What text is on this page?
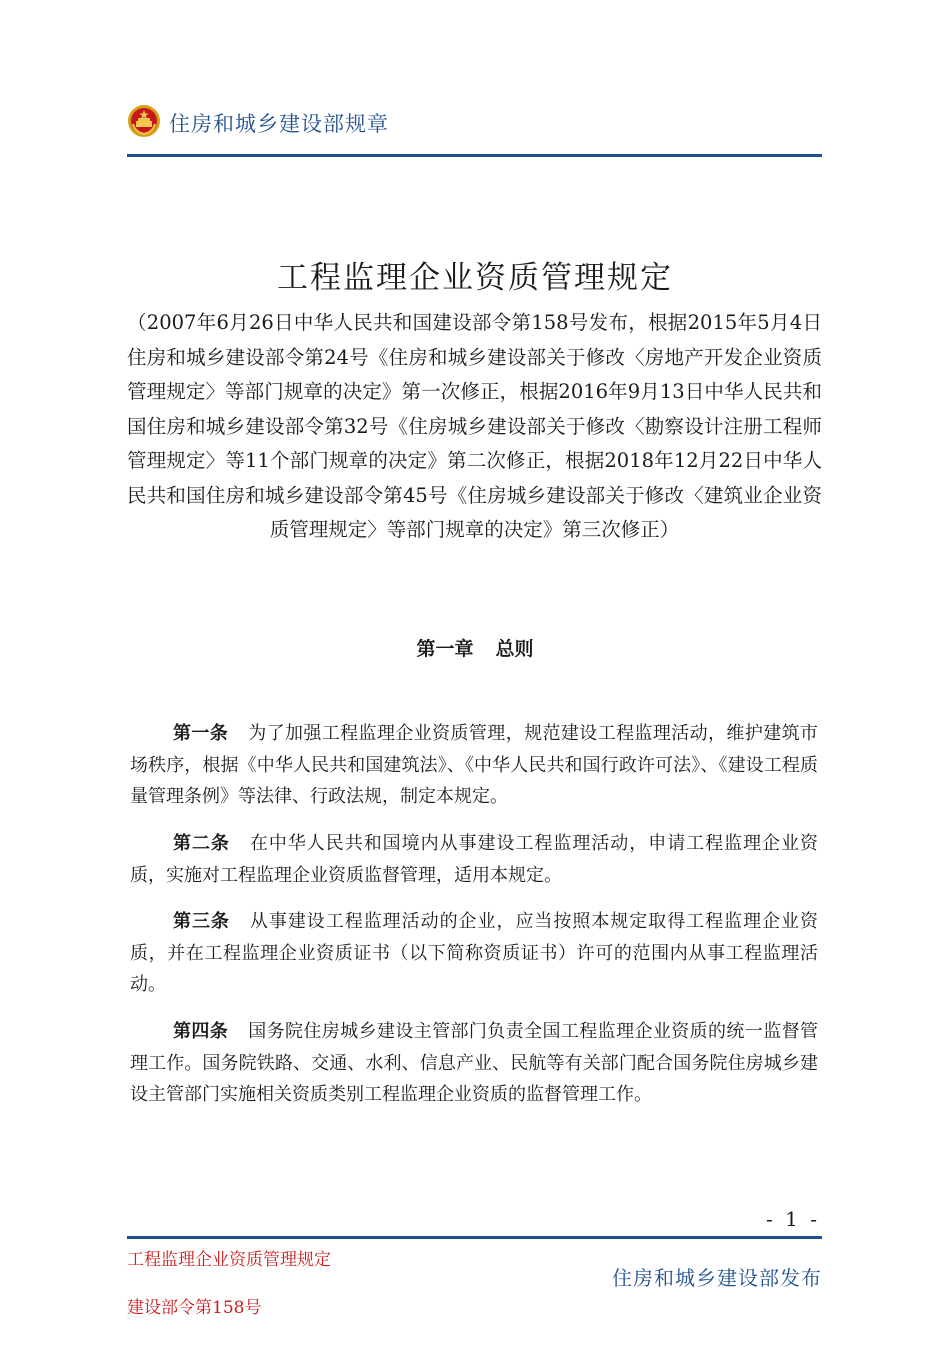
住房和城乡建设部规章
工程监理企业资质管理规定
（2007年6月26日中华人民共和国建设部令第158号发布，根据2015年5月4日住房和城乡建设部令第24号《住房和城乡建设部关于修改〈房地产开发企业资质管理规定〉等部门规章的决定》第一次修正，根据2016年9月13日中华人民共和国住房和城乡建设部令第32号《住房城乡建设部关于修改〈勘察设计注册工程师管理规定〉等11个部门规章的决定》第二次修正，根据2018年12月22日中华人民共和国住房和城乡建设部令第45号《住房城乡建设部关于修改〈建筑业企业资质管理规定〉等部门规章的决定》第三次修正）
第一章 总则
第一条 为了加强工程监理企业资质管理，规范建设工程监理活动，维护建筑市场秩序，根据《中华人民共和国建筑法》、《中华人民共和国行政许可法》、《建设工程质量管理条例》等法律、行政法规，制定本规定。
第二条 在中华人民共和国境内从事建设工程监理活动，申请工程监理企业资质，实施对工程监理企业资质监督管理，适用本规定。
第三条 从事建设工程监理活动的企业，应当按照本规定取得工程监理企业资质，并在工程监理企业资质证书（以下简称资质证书）许可的范围内从事工程监理活动。
第四条 国务院住房城乡建设主管部门负责全国工程监理企业资质的统一监督管理工作。国务院铁路、交通、水利、信息产业、民航等有关部门配合国务院住房城乡建设主管部门实施相关资质类别工程监理企业资质的监督管理工作。
- 1 -
工程监理企业资质管理规定
建设部令第158号
住房和城乡建设部发布
